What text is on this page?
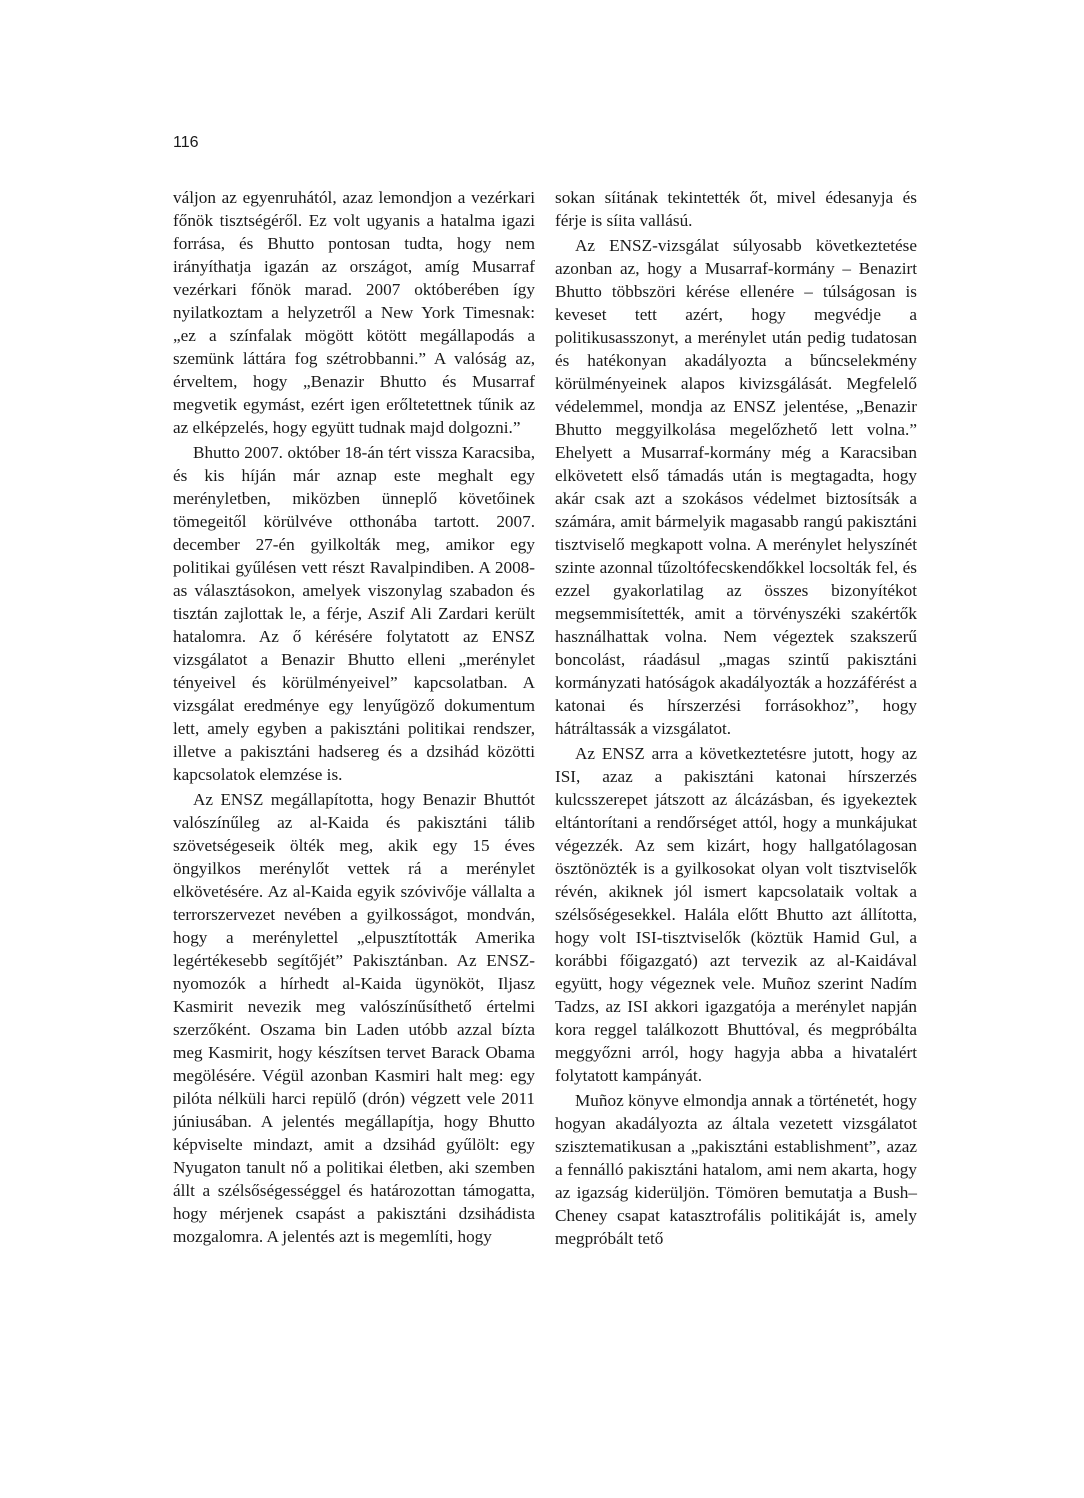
116

váljon az egyenruhától, azaz lemondjon a vezérkari főnök tisztségéről. Ez volt ugyanis a hatalma igazi forrása, és Bhutto pontosan tudta, hogy nem irányíthatja igazán az országot, amíg Musarraf vezérkari főnök marad. 2007 októberében így nyilatkoztam a helyzetről a New York Timesnak: „ez a színfalak mögött kötött megállapodás a szemünk láttára fog szétrobbanni.” A valóság az, érveltem, hogy „Benazir Bhutto és Musarraf megvetik egymást, ezért igen erőltetettnek tűnik az az elképzelés, hogy együtt tudnak majd dolgozni.”

Bhutto 2007. október 18-án tért vissza Karacsiba, és kis híján már aznap este meghalt egy merényletben, miközben ünneplő követőinek tömegeitől körülvéve otthonába tartott. 2007. december 27-én gyilkolták meg, amikor egy politikai gyűlésen vett részt Ravalpindiben. A 2008-as választásokon, amelyek viszonylag szabadon és tisztán zajlottak le, a férje, Aszif Ali Zardari került hatalomra. Az ő kérésére folytatott az ENSZ vizsgálatot a Benazir Bhutto elleni „merénylet tényeivel és körülményeivel” kapcsolatban. A vizsgálat eredménye egy lenyűgöző dokumentum lett, amely egyben a pakisztáni politikai rendszer, illetve a pakisztáni hadsereg és a dzsihád közötti kapcsolatok elemzése is.

Az ENSZ megállapította, hogy Benazir Bhuttót valószínűleg az al-Kaida és pakisztáni tálib szövetségeseik ölték meg, akik egy 15 éves öngyilkos merénylőt vettek rá a merénylet elkövetésére. Az al-Kaida egyik szóvivője vállalta a terrorszervezet nevében a gyilkosságot, mondván, hogy a merénylettel „elpusztították Amerika legértékesebb segítőjét” Pakisztánban. Az ENSZ-nyomozók a hírhedt al-Kaida ügynököt, Iljasz Kasmirit nevezik meg valószínűsíthető értelmi szerzőként. Oszama bin Laden utóbb azzal bízta meg Kasmirit, hogy készítsen tervet Barack Obama megölésére. Végül azonban Kasmiri halt meg: egy pilóta nélküli harci repülő (drón) végzett vele 2011 júniusában. A jelentés megállapítja, hogy Bhutto képviselte mindazt, amit a dzsihád gyűlölt: egy Nyugaton tanult nő a politikai életben, aki szemben állt a szélsőségességgel és határozottan támogatta, hogy mérjenek csapást a pakisztáni dzsihádista mozgalomra. A jelentés azt is megemlíti, hogy

sokan síitának tekintették őt, mivel édesanyja és férje is síita vallású.

Az ENSZ-vizsgálat súlyosabb következtetése azonban az, hogy a Musarraf-kormány – Benazirt Bhutto többszöri kérése ellenére – túlságosan is keveset tett azért, hogy megvédje a politikusasszonyt, a merénylet után pedig tudatosan és hatékonyan akadályozta a bűncselekmény körülményeinek alapos kivizsgálását. Megfelelő védelemmel, mondja az ENSZ jelentése, „Benazir Bhutto meggyilkolása megelőzhető lett volna.” Ehelyett a Musarraf-kormány még a Karacsiban elkövetett első támadás után is megtagadta, hogy akár csak azt a szokásos védelmet biztosítsák a számára, amit bármelyik magasabb rangú pakisztáni tisztviselő megkapott volna. A merénylet helyszínét szinte azonnal tűzoltófecskendőkkel locsolták fel, és ezzel gyakorlatilag az összes bizonyítékot megsemmisítették, amit a törvényszéki szakértők használhattak volna. Nem végeztek szakszerű boncolást, ráadásul „magas szintű pakisztáni kormányzati hatóságok akadályozták a hozzáférést a katonai és hírszerzési forrásokhoz”, hogy hátráltassák a vizsgálatot.

Az ENSZ arra a következtetésre jutott, hogy az ISI, azaz a pakisztáni katonai hírszerzés kulcsszerepet játszott az álcázásban, és igyekeztek eltántorítani a rendőrséget attól, hogy a munkájukat végezzék. Az sem kizárt, hogy hallgatólagosan ösztönözték is a gyilkosokat olyan volt tisztviselők révén, akiknek jól ismert kapcsolataik voltak a szélsőségesekkel. Halála előtt Bhutto azt állította, hogy volt ISI-tisztviselők (köztük Hamid Gul, a korábbi főigazgató) azt tervezik az al-Kaidával együtt, hogy végeznek vele. Muñoz szerint Nadím Tadzs, az ISI akkori igazgatója a merénylet napján kora reggel találkozott Bhuttóval, és megpróbálta meggyőzni arról, hogy hagyja abba a hivatalért folytatott kampányát.

Muñoz könyve elmondja annak a történetét, hogy hogyan akadályozta az általa vezetett vizsgálatot szisztematikusan a „pakisztáni establishment”, azaz a fennálló pakisztáni hatalom, ami nem akarta, hogy az igazság kiderüljön. Tömören bemutatja a Bush–Cheney csapat katasztrofális politikáját is, amely megpróbált tető
